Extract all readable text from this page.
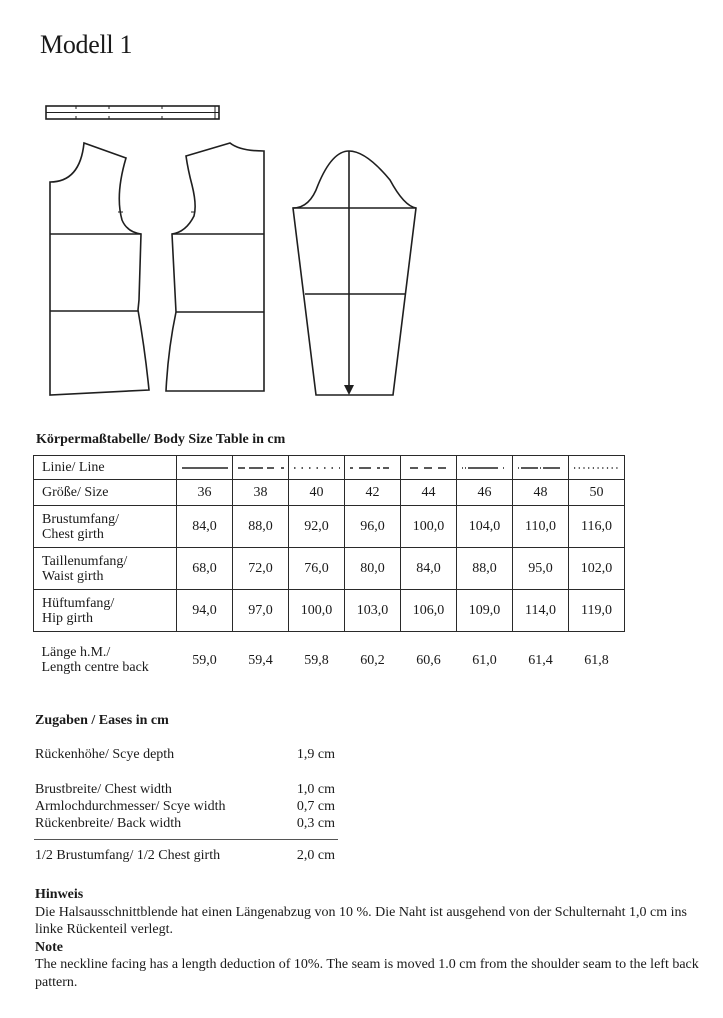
Modell 1
Körpermaßtabelle/ Body Size Table in cm
Linie/ Line	

Größe/ Size	36	38	40	42	44	46	48	50
Brustumfang/
Chest girth	84,0	88,0	92,0	96,0	100,0	104,0	110,0	116,0
Taillenumfang/
Waist girth	68,0	72,0	76,0	80,0	84,0	88,0	95,0	102,0
Hüftumfang/
Hip girth	94,0	97,0	100,0	103,0	106,0	109,0	114,0	119,0
Länge h.M./
Length centre back	59,0	59,4	59,8	60,2	60,6	61,0	61,4	61,8
Zugaben / Eases in cm
Rückenhöhe/ Scye depth	1,9 cm
Brustbreite/ Chest width	1,0 cm
Armlochdurchmesser/ Scye width	0,7 cm
Rückenbreite/ Back width	0,3 cm
1/2 Brustumfang/ 1/2 Chest girth	2,0 cm
Hinweis
Die Halsausschnittblende hat einen Längenabzug von 10 %. Die Naht ist ausgehend von der Schulternaht 1,0 cm ins linke Rückenteil verlegt.
Note
The neckline facing has a length deduction of 10%. The seam is moved 1.0 cm from the shoulder seam to the left back pattern.
